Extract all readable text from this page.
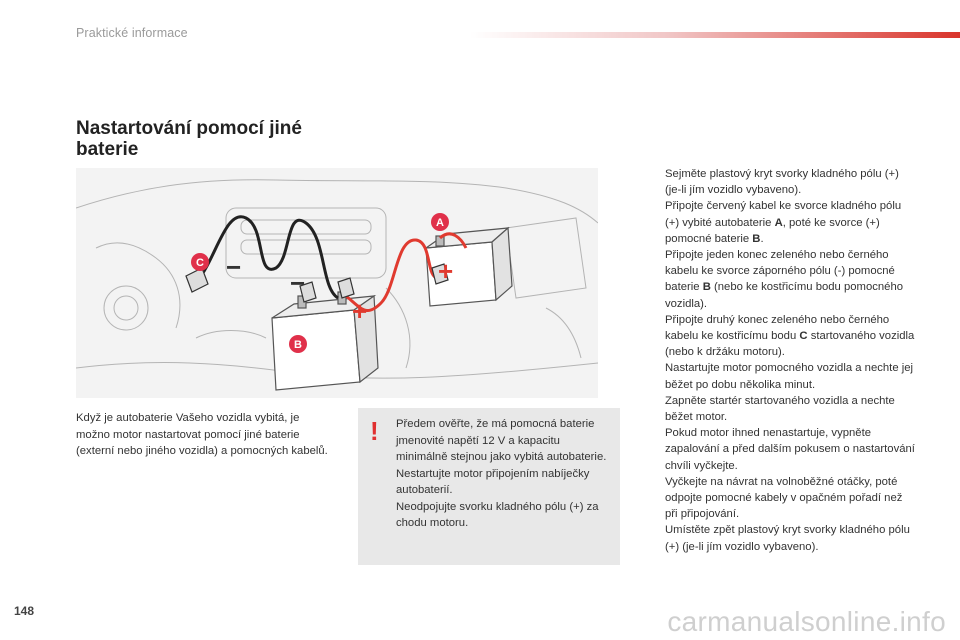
Praktické informace
Nastartování pomocí jiné baterie
−
−
+
+
A
B
C
Když je autobaterie Vašeho vozidla vybitá, je možno motor nastartovat pomocí jiné baterie (externí nebo jiného vozidla) a pomocných kabelů.
! Předem ověřte, že má pomocná baterie jmenovité napětí 12 V a kapacitu minimálně stejnou jako vybitá autobaterie.
Nestartujte motor připojením nabíječky autobaterií.
Neodpojujte svorku kladného pólu (+) za chodu motoru.
Sejměte plastový kryt svorky kladného pólu (+) (je-li jím vozidlo vybaveno).
Připojte červený kabel ke svorce kladného pólu (+) vybité autobaterie A, poté ke svorce (+) pomocné baterie B.
Připojte jeden konec zeleného nebo černého kabelu ke svorce záporného pólu (-) pomocné baterie B (nebo ke kostřicímu bodu pomocného vozidla).
Připojte druhý konec zeleného nebo černého kabelu ke kostřicímu bodu C startovaného vozidla (nebo k držáku motoru).
Nastartujte motor pomocného vozidla a nechte jej běžet po dobu několika minut.
Zapněte startér startovaného vozidla a nechte běžet motor.
Pokud motor ihned nenastartuje, vypněte zapalování a před dalším pokusem o nastartování chvíli vyčkejte.
Vyčkejte na návrat na volnoběžné otáčky, poté odpojte pomocné kabely v opačném pořadí než při připojování.
Umístěte zpět plastový kryt svorky kladného pólu (+) (je-li jím vozidlo vybaveno).
148	carmanualsonline.info
